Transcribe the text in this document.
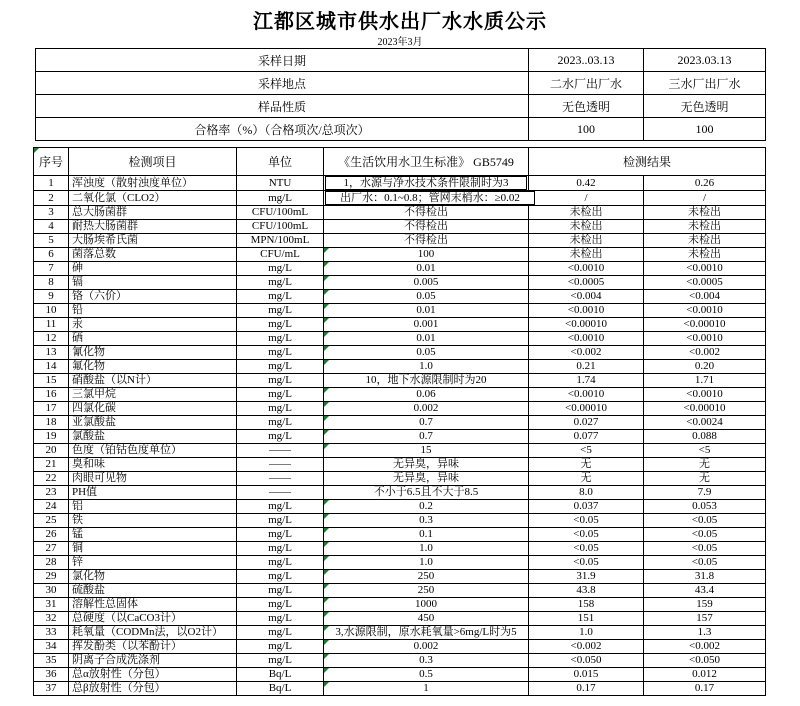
江都区城市供水出厂水水质公示
2023年3月
采样日期	2023..03.13	2023.03.13
采样地点	二水厂出厂水	三水厂出厂水
样品性质	无色透明	无色透明
合格率（%）（合格项次/总项次）	100	100
序号	检测项目	单位	《生活饮用水卫生标准》 GB5749	检测结果	
1	浑浊度（散射浊度单位）	NTU	1，水源与净水技术条件限制时为3	0.42	0.26
2	二氧化氯（CLO2）	mg/L	出厂水：0.1~0.8；管网末梢水：≥0.02	/	/
3	总大肠菌群	CFU/100mL	不得检出	未检出	未检出
4	耐热大肠菌群	CFU/100mL	不得检出	未检出	未检出
5	大肠埃希氏菌	MPN/100mL	不得检出	未检出	未检出
6	菌落总数	CFU/mL	100	未检出	未检出
7	砷	mg/L	0.01	<0.0010	<0.0010
8	镉	mg/L	0.005	<0.0005	<0.0005
9	铬（六价）	mg/L	0.05	<0.004	<0.004
10	铅	mg/L	0.01	<0.0010	<0.0010
11	汞	mg/L	0.001	<0.00010	<0.00010
12	硒	mg/L	0.01	<0.0010	<0.0010
13	氰化物	mg/L	0.05	<0.002	<0.002
14	氟化物	mg/L	1.0	0.21	0.20
15	硝酸盐（以N计）	mg/L	10，地下水源限制时为20	1.74	1.71
16	三氯甲烷	mg/L	0.06	<0.0010	<0.0010
17	四氯化碳	mg/L	0.002	<0.00010	<0.00010
18	亚氯酸盐	mg/L	0.7	0.027	<0.0024
19	氯酸盐	mg/L	0.7	0.077	0.088
20	色度（铂钴色度单位）	——	15	<5	<5
21	臭和味	——	无异臭，异味	无	无
22	肉眼可见物	——	无异臭，异味	无	无
23	PH值	——	不小于6.5且不大于8.5	8.0	7.9
24	铝	mg/L	0.2	0.037	0.053
25	铁	mg/L	0.3	<0.05	<0.05
26	锰	mg/L	0.1	<0.05	<0.05
27	铜	mg/L	1.0	<0.05	<0.05
28	锌	mg/L	1.0	<0.05	<0.05
29	氯化物	mg/L	250	31.9	31.8
30	硫酸盐	mg/L	250	43.8	43.4
31	溶解性总固体	mg/L	1000	158	159
32	总硬度（以CaCO3计）	mg/L	450	151	157
33	耗氧量（CODMn法，以O2计）	mg/L	3,水源限制，原水耗氧量>6mg/L时为5	1.0	1.3
34	挥发酚类（以苯酚计）	mg/L	0.002	<0.002	<0.002
35	阴离子合成洗涤剂	mg/L	0.3	<0.050	<0.050
36	总α放射性（分包）	Bq/L	0.5	0.015	0.012
37	总β放射性（分包）	Bq/L	1	0.17	0.17
